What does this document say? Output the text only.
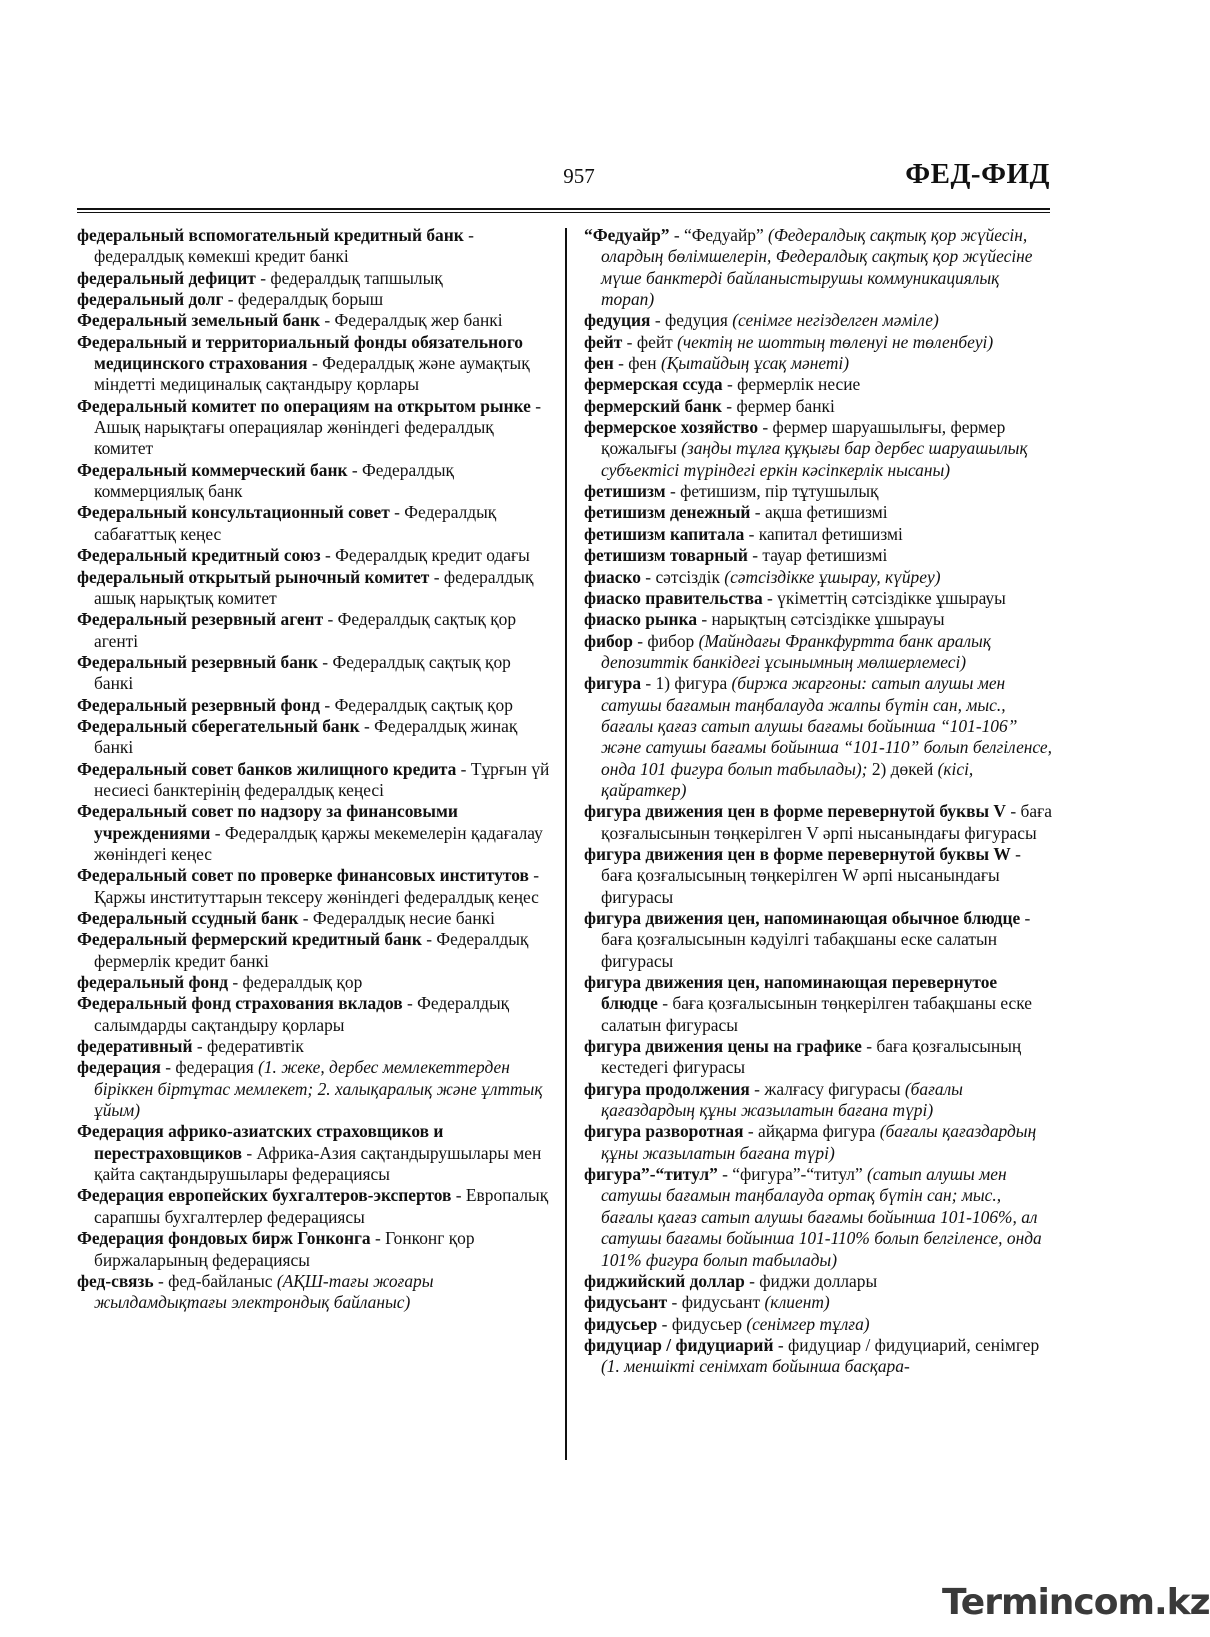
957	ФЕД-ФИД

федеральный вспомогательный кредитный банк - федералдық көмекші кредит банкі

федеральный дефицит - федералдық тапшылық

федеральный долг - федералдық борыш

Федеральный земельный банк - Федералдық жер банкі

Федеральный и территориальный фонды обязательного медицинского страхования - Федералдық және аумақтық міндетті медициналық сақтандыру қорлары

Федеральный комитет по операциям на открытом рынке - Ашық нарықтағы операциялар жөніндегі федералдық комитет

Федеральный коммерческий банк - Федералдық коммерциялық банк

Федеральный консультационный совет - Федералдық сабағаттық кеңес

Федеральный кредитный союз - Федералдық кредит одағы

федеральный открытый рыночный комитет - федералдық ашық нарықтық комитет

Федеральный резервный агент - Федералдық сақтық қор агенті

Федеральный резервный банк - Федералдық сақтық қор банкі

Федеральный резервный фонд - Федералдық сақтық қор

Федеральный сберегательный банк - Федералдық жинақ банкі

Федеральный совет банков жилищного кредита - Тұрғын үй несиесі банктерінің федералдық кеңесі

Федеральный совет по надзору за финансовыми учреждениями - Федералдық қаржы мекемелерін қадағалау жөніндегі кеңес

Федеральный совет по проверке финансовых институтов - Қаржы институттарын тексеру жөніндегі федералдық кеңес

Федеральный ссудный банк - Федералдық несие банкі

Федеральный фермерский кредитный банк - Федералдық фермерлік кредит банкі

федеральный фонд - федералдық қор

Федеральный фонд страхования вкладов - Федералдық салымдарды сақтандыру қорлары

федеративный - федеративтік

федерация - федерация (1. жеке, дербес мемлекеттерден біріккен біртұтас мемлекет; 2. халықаралық және ұлттық ұйым)

Федерация африко-азиатских страховщиков и перестраховщиков - Африка-Азия сақтандырушылары мен қайта сақтандырушылары федерациясы

Федерация европейских бухгалтеров-экспертов - Европалық сарапшы бухгалтерлер федерациясы

Федерация фондовых бирж Гонконга - Гонконг қор биржаларының федерациясы

фед-связь - фед-байланыс (АҚШ-тағы жоғары жылдамдықтағы электрондық байланыс)

“Федуайр” - “Федуайр” (Федералдық сақтық қор жүйесін, олардың бөлімшелерін, Федералдық сақтық қор жүйесіне мүше банктерді байланыстырушы коммуникациялық торап)

федуция - федуция (сенімге негізделген мәміле)

фейт - фейт (чектің не шоттың төленуі не төленбеуі)

фен - фен (Қытайдың ұсақ мәнеті)

фермерская ссуда - фермерлік несие

фермерский банк - фермер банкі

фермерское хозяйство - фермер шаруашылығы, фермер қожалығы (заңды тұлға құқығы бар дербес шаруашылық субъектісі түріндегі еркін кәсіпкерлік нысаны)

фетишизм - фетишизм, пір тұтушылық

фетишизм денежный - ақша фетишизмі

фетишизм капитала - капитал фетишизмі

фетишизм товарный - тауар фетишизмі

фиаско - сәтсіздік (сәтсіздікке ұшырау, күйреу)

фиаско правительства - үкіметтің сәтсіздікке ұшырауы

фиаско рынка - нарықтың сәтсіздікке ұшырауы

фибор - фибор (Майндағы Франкфуртта банк аралық депозиттік банкідегі ұсынымның мөлшерлемесі)

фигура - 1) фигура (биржа жаргоны: сатып алушы мен сатушы бағамын таңбалауда жалпы бүтін сан, мыс., бағалы қағаз сатып алушы бағамы бойынша “101-106” және сатушы бағамы бойынша “101-110” болып белгіленсе, онда 101 фигура болып табылады); 2) дөкей (кісі, қайраткер)

фигура движения цен в форме перевернутой буквы V - баға қозғалысынын төңкерілген V әрпі нысанындағы фигурасы

фигура движения цен в форме перевернутой буквы W - баға қозғалысының төңкерілген W әрпі нысанындағы фигурасы

фигура движения цен, напоминающая обычное блюдце - баға қозғалысынын кәдуілгі табақшаны еске салатын фигурасы

фигура движения цен, напоминающая перевернутое блюдце - баға қозғалысынын төңкерілген табақшаны еске салатын фигурасы

фигура движения цены на графике - баға қозғалысының кестедегі фигурасы

фигура продолжения - жалғасу фигурасы (бағалы қағаздардың құны жазылатын бағана түрі)

фигура разворотная - айқарма фигура (бағалы қағаздардың құны жазылатын бағана түрі)

фигура”-“титул” - “фигура”-“титул” (сатып алушы мен сатушы бағамын таңбалауда ортақ бүтін сан; мыс., бағалы қағаз сатып алушы бағамы бойынша 101-106%, ал сатушы бағамы бойынша 101-110% болып белгіленсе, онда 101% фигура болып табылады)

фиджийский доллар - фиджи доллары

фидусьант - фидусьант (клиент)

фидусьер - фидусьер (сенімгер тұлға)

фидуциар / фидуциарий - фидуциар / фидуциарий, сенімгер (1. меншікті сенімхат бойынша басқара-

Termincom.kz
